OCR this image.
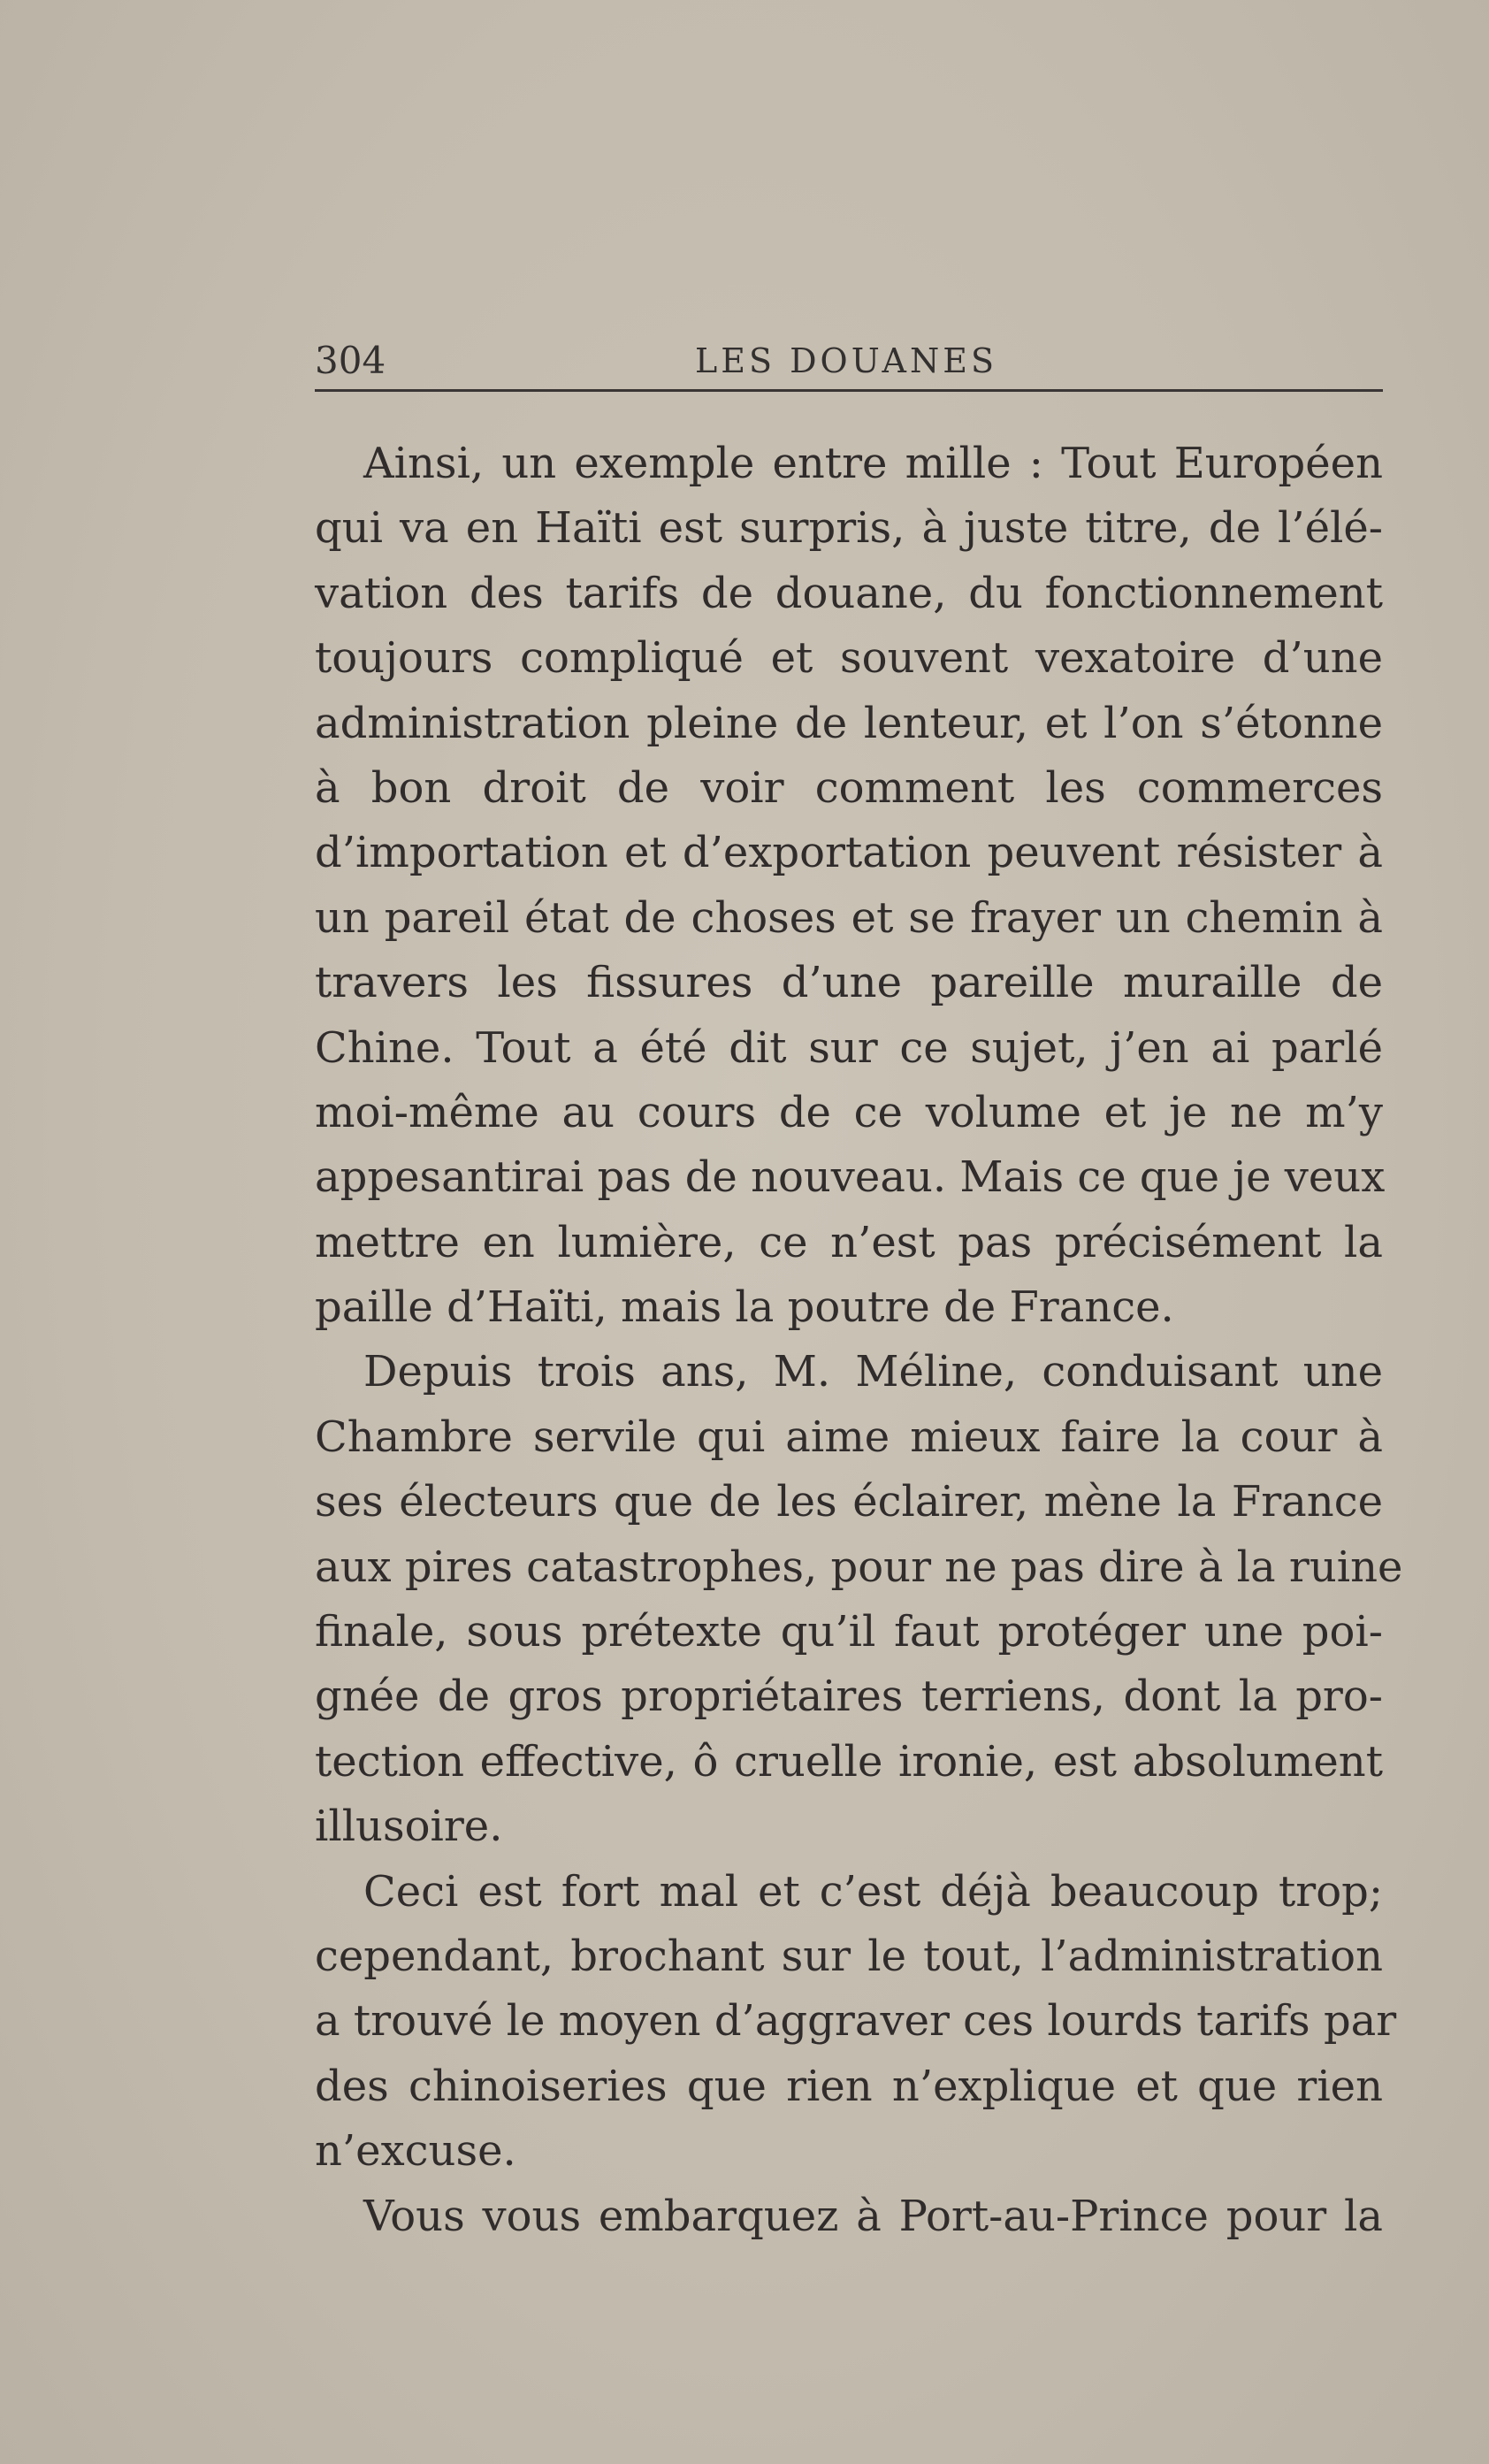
304	LES DOUANES
Ainsi, un exemple entre mille : Tout Européen
qui va en Haïti est surpris, à juste titre, de l’élé-
vation des tarifs de douane, du fonctionnement
toujours compliqué et souvent vexatoire d’une
administration pleine de lenteur, et l’on s’étonne
à bon droit de voir comment les commerces
d’importation et d’exportation peuvent résister à
un pareil état de choses et se frayer un chemin à
travers les fissures d’une pareille muraille de
Chine. Tout a été dit sur ce sujet, j’en ai parlé
moi-même au cours de ce volume et je ne m’y
appesantirai pas de nouveau. Mais ce que je veux
mettre en lumière, ce n’est pas précisément la
paille d’Haïti, mais la poutre de France.
Depuis trois ans, M. Méline, conduisant une
Chambre servile qui aime mieux faire la cour à
ses électeurs que de les éclairer, mène la France
aux pires catastrophes, pour ne pas dire à la ruine
finale, sous prétexte qu’il faut protéger une poi-
gnée de gros propriétaires terriens, dont la pro-
tection effective, ô cruelle ironie, est absolument
illusoire.
Ceci est fort mal et c’est déjà beaucoup trop;
cependant, brochant sur le tout, l’administration
a trouvé le moyen d’aggraver ces lourds tarifs par
des chinoiseries que rien n’explique et que rien
n’excuse.
Vous vous embarquez à Port-au-Prince pour la
